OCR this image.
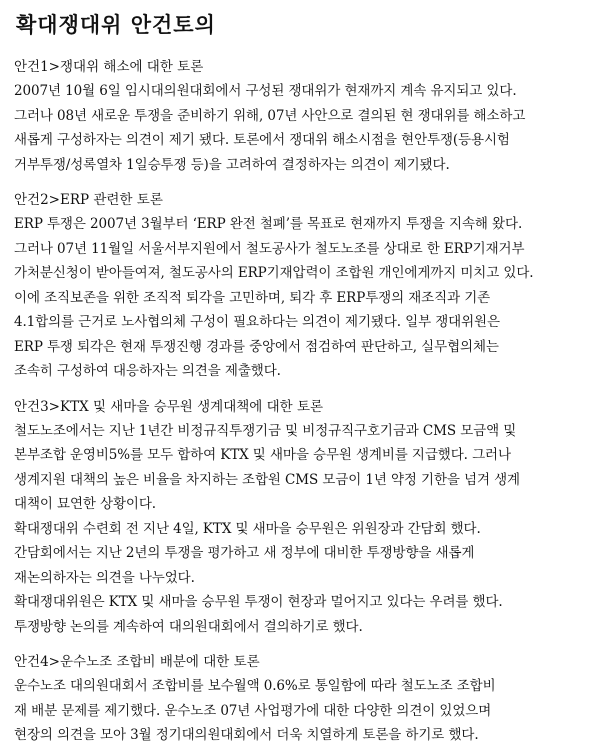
확대쟁대위 안건토의
안건1>쟁대위 해소에 대한 토론
2007년 10월 6일 임시대의원대회에서 구성된 쟁대위가 현재까지 계속 유지되고 있다.
그러나 08년 새로운 투쟁을 준비하기 위해, 07년 사안으로 결의된 현 쟁대위를 해소하고
새롭게 구성하자는 의견이 제기 됐다. 토론에서 쟁대위 해소시점을 현안투쟁(등용시험
거부투쟁/성록열차 1일승투쟁 등)을 고려하여 결정하자는 의견이 제기됐다.
안건2>ERP 관련한 토론
ERP 투쟁은 2007년 3월부터 ‘ERP 완전 철폐’를 목표로 현재까지 투쟁을 지속해 왔다.
그러나 07년 11월일 서울서부지원에서 철도공사가 철도노조를 상대로 한 ERP기재거부
가처분신청이 받아들여져, 철도공사의 ERP기재압력이 조합원 개인에게까지 미치고 있다.
이에 조직보존을 위한 조직적 퇴각을 고민하며, 퇴각 후 ERP투쟁의 재조직과 기존
4.1합의를 근거로 노사협의체 구성이 필요하다는 의견이 제기됐다. 일부 쟁대위원은
ERP 투쟁 퇴각은 현재 투쟁진행 경과를 중앙에서 점검하여 판단하고, 실무협의체는
조속히 구성하여 대응하자는 의견을 제출했다.
안건3>KTX 및 새마을 승무원 생계대책에 대한 토론
철도노조에서는 지난 1년간 비정규직투쟁기금 및 비정규직구호기금과 CMS 모금액 및
본부조합 운영비5%를 모두 합하여 KTX 및 새마을 승무원 생계비를 지급했다. 그러나
생계지원 대책의 높은 비율을 차지하는 조합원 CMS 모금이 1년 약정 기한을 넘겨 생계
대책이 묘연한 상황이다.
확대쟁대위 수련회 전 지난 4일, KTX 및 새마을 승무원은 위원장과 간담회 했다.
간담회에서는 지난 2년의 투쟁을 평가하고 새 정부에 대비한 투쟁방향을 새롭게
재논의하자는 의견을 나누었다.
확대쟁대위원은 KTX 및 새마을 승무원 투쟁이 현장과 멀어지고 있다는 우려를 했다.
투쟁방향 논의를 계속하여 대의원대회에서 결의하기로 했다.
안건4>운수노조 조합비 배분에 대한 토론
운수노조 대의원대회서 조합비를 보수월액 0.6%로 통일함에 따라 철도노조 조합비
재 배분 문제를 제기했다. 운수노조 07년 사업평가에 대한 다양한 의견이 있었으며
현장의 의견을 모아 3월 정기대의원대회에서 더욱 치열하게 토론을 하기로 했다.
